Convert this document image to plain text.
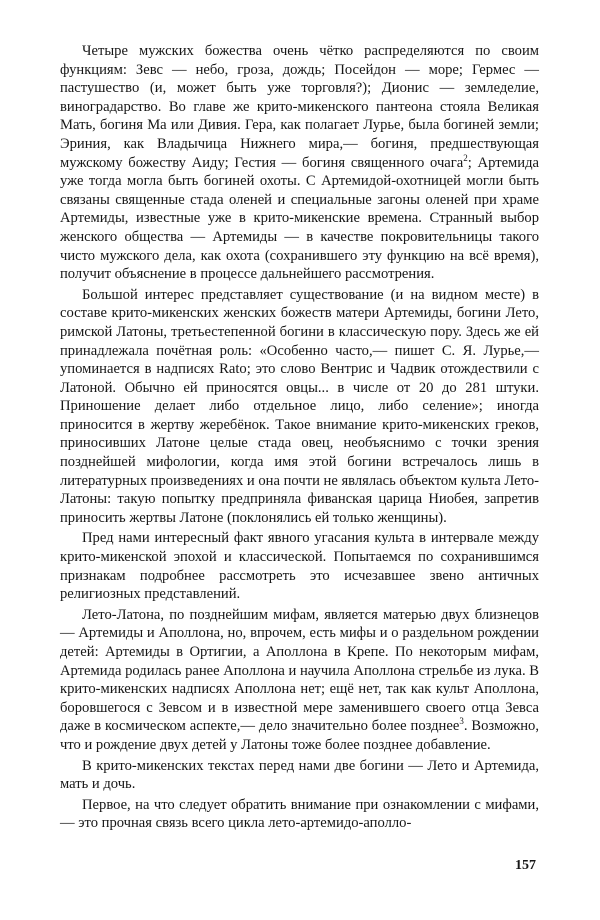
Четыре мужских божества очень чётко распределяются по своим функциям: Зевс — небо, гроза, дождь; Посейдон — море; Гермес — пастушество (и, может быть уже торговля?); Дионис — земледелие, виноградарство. Во главе же крито-микенского пантеона стояла Великая Мать, богиня Ма или Дивия. Гера, как полагает Лурье, была богиней земли; Эриния, как Владычица Нижнего мира,— богиня, предшествующая мужскому божеству Аиду; Гестия — богиня священного очага$^2$; Артемида уже тогда могла быть богиней охоты. С Артемидой-охотницей могли быть связаны священные стада оленей и специальные загоны оленей при храме Артемиды, известные уже в крито-микенские времена. Странный выбор женского общества — Артемиды — в качестве покровительницы такого чисто мужского дела, как охота (сохранившего эту функцию на всё время), получит объяснение в процессе дальнейшего рассмотрения.

Большой интерес представляет существование (и на видном месте) в составе крито-микенских женских божеств матери Артемиды, богини Лето, римской Латоны, третьестепенной богини в классическую пору. Здесь же ей принадлежала почётная роль: «Особенно часто,— пишет С. Я. Лурье,— упоминается в надписях Rato; это слово Вентрис и Чадвик отождествили с Латоной. Обычно ей приносятся овцы... в числе от 20 до 281 штуки. Приношение делает либо отдельное лицо, либо селение»; иногда приносится в жертву жеребёнок. Такое внимание крито-микенских греков, приносивших Латоне целые стада овец, необъяснимо с точки зрения позднейшей мифологии, когда имя этой богини встречалось лишь в литературных произведениях и она почти не являлась объектом культа Лето-Латоны: такую попытку предприняла фиванская царица Ниобея, запретив приносить жертвы Латоне (поклонялись ей только женщины).

Пред нами интересный факт явного угасания культа в интервале между крито-микенской эпохой и классической. Попытаемся по сохранившимся признакам подробнее рассмотреть это исчезавшее звено античных религиозных представлений.

Лето-Латона, по позднейшим мифам, является матерью двух близнецов — Артемиды и Аполлона, но, впрочем, есть мифы и о раздельном рождении детей: Артемиды в Ортигии, а Аполлона в Крепе. По некоторым мифам, Артемида родилась ранее Аполлона и научила Аполлона стрельбе из лука. В крито-микенских надписях Аполлона нет; ещё нет, так как культ Аполлона, боровшегося с Зевсом и в известной мере заменившего своего отца Зевса даже в космическом аспекте,— дело значительно более позднее$^3$. Возможно, что и рождение двух детей у Латоны тоже более позднее добавление.

В крито-микенских текстах перед нами две богини — Лето и Артемида, мать и дочь.

Первое, на что следует обратить внимание при ознакомлении с мифами,— это прочная связь всего цикла лето-артемидо-аполло-

157
